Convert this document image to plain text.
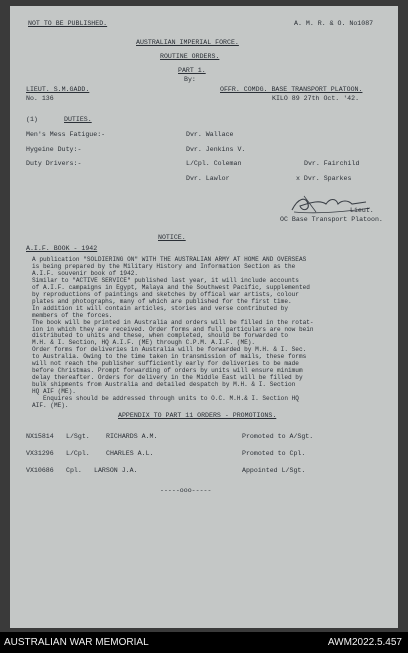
NOT TO BE PUBLISHED.	A. M. R. & O. No1087
AUSTRALIAN IMPERIAL FORCE.
ROUTINE ORDERS.
PART 1.
By:
LIEUT. S.M.GADD.	OFFR. COMDG. BASE TRANSPORT PLATOON.
No. 136	KILO 89 27th Oct. '42.
(1)	DUTIES.
Men's Mess Fatigue:-	Dvr. Wallace
Hygeine Duty:-	Dvr. Jenkins V.
Duty Drivers:-	L/Cpl. Coleman	Dvr. Fairchild
Dvr. Lawlor	x Dvr. Sparkes
Lieut.
OC Base Transport Platoon.
NOTICE.
A.I.F. BOOK - 1942
A publication "SOLDIERING ON" WITH THE AUSTRALIAN ARMY AT HOME AND OVERSEAS
is being prepared by the Military History and Information Section as the
A.I.F. souvenir book of 1942.
Similar to "ACTIVE SERVICE" published last year, it will include accounts
of A.I.F. campaigns in Egypt, Malaya and the Southwest Pacific, supplemented
by reproductions of paintings and sketches by offical war artists, colour
plates and photographs, many of which are published for the first time.
In addition it will contain articles, stories and verse contributed by
members of the forces.
The book will be printed in Australia and orders will be filled in the rotat-
ion in which they are received. Order forms and full particulars are now bein
distributed to units and these, when completed, should be forwarded to
M.H. & I. Section, HQ A.I.F. (ME) through C.P.M. A.I.F. (ME).
Order forms for deliveries in Australia will be forwarded by M.H. & I. Sec.
to Australia. Owing to the time taken in transmission of mails, these forms
will not reach the publisher sufficiently early for deliveries to be made
before Christmas. Prompt forwarding of orders by units will ensure minimum
delay thereafter. Orders for delivery in the Middle East will be filled by
bulk shipments from Australia and detailed despatch by M.H. & I. Section
HQ AIF (ME).
Enquires should be addressed through units to O.C. M.H.& I. Section HQ
AIF. (ME).
APPENDIX TO PART 11 ORDERS - PROMOTIONS.
NX15814 L/Sgt. RICHARDS A.M.	Promoted to A/Sgt.
VX31296 L/Cpl. CHARLES A.L.	Promoted to Cpl.
VX10686 Cpl. LARSON J.A.	Appointed L/Sgt.
-----ooo-----
AUSTRALIAN WAR MEMORIAL	AWM2022.5.457
